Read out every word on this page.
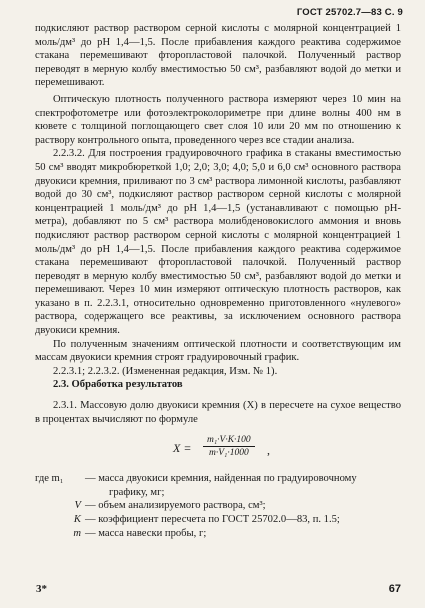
ГОСТ 25702.7—83 С. 9

подкисляют раствор раствором серной кислоты с молярной концентрацией 1 моль/дм³ до pH 1,4—1,5. После прибавления каждого реактива содержимое стакана перемешивают фторопластовой палочкой. Полученный раствор переводят в мерную колбу вместимостью 50 см³, разбавляют водой до метки и перемешивают.

Оптическую плотность полученного раствора измеряют через 10 мин на спектрофотометре или фотоэлектроколориметре при длине волны 400 нм в кювете с толщиной поглощающего свет слоя 10 или 20 мм по отношению к раствору контрольного опыта, проведенного через все стадии анализа.

2.2.3.2. Для построения градуировочного графика в стаканы вместимостью 50 см³ вводят микробюреткой 1,0; 2,0; 3,0; 4,0; 5,0 и 6,0 см³ основного раствора двуокиси кремния, приливают по 3 см³ раствора лимонной кислоты, разбавляют водой до 30 см³, подкисляют раствор раствором серной кислоты с молярной концентрацией 1 моль/дм³ до pH 1,4—1,5 (устанавливают с помощью pH-метра), добавляют по 5 см³ раствора молибденовокислого аммония и вновь подкисляют раствор раствором серной кислоты с молярной концентрацией 1 моль/дм³ до pH 1,4—1,5. После прибавления каждого реактива содержимое стакана перемешивают фторопластовой палочкой. Полученный раствор переводят в мерную колбу вместимостью 50 см³, разбавляют водой до метки и перемешивают. Через 10 мин измеряют оптическую плотность растворов, как указано в п. 2.2.3.1, относительно одновременно приготовленного «нулевого» раствора, содержащего все реактивы, за исключением основного раствора двуокиси кремния.

По полученным значениям оптической плотности и соответствующим им массам двуокиси кремния строят градуировочный график.

2.2.3.1; 2.2.3.2. (Измененная редакция, Изм. № 1).

2.3. Обработка результатов

2.3.1. Массовую долю двуокиси кремния (X) в пересчете на сухое вещество в процентах вычисляют по формуле

$X = \frac{\text{m₁·V·K·100}}{\text{m·V₁·1000}}$ ,
где m₁	— масса двуокиси кремния, найденная по градуировочному
графику, мг;
V — объем анализируемого раствора, см³;
K — коэффициент пересчета по ГОСТ 25702.0—83, п. 1.5;
m — масса навески пробы, г;
3*	67
